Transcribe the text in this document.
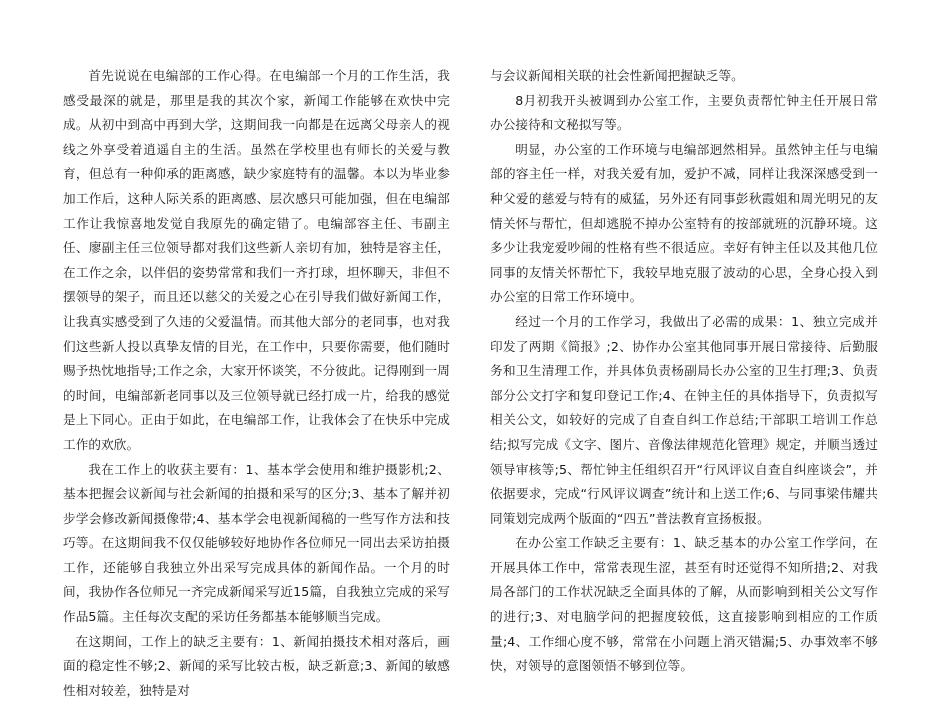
首先说说在电编部的工作心得。在电编部一个月的工作生活，我感受最深的就是，那里是我的其次个家，新闻工作能够在欢快中完成。从初中到高中再到大学，这期间我一向都是在远离父母亲人的视线之外享受着逍遥自主的生活。虽然在学校里也有师长的关爱与教育，但总有一种仰承的距离感，缺少家庭特有的温馨。本以为毕业参加工作后，这种人际关系的距离感、层次感只可能加强，但在电编部工作让我惊喜地发觉自我原先的确定错了。电编部容主任、韦副主任、廖副主任三位领导都对我们这些新人亲切有加，独特是容主任，在工作之余，以伴侣的姿势常常和我们一齐打球，坦怀聊天，非但不摆领导的架子，而且还以慈父的关爱之心在引导我们做好新闻工作，让我真实感受到了久违的父爱温情。而其他大部分的老同事，也对我们这些新人投以真挚友情的目光，在工作中，只要你需要，他们随时赐予热忱地指导;工作之余，大家开怀谈笑，不分彼此。记得刚到一周的时间，电编部新老同事以及三位领导就已经打成一片，给我的感觉是上下同心。正由于如此，在电编部工作，让我体会了在快乐中完成工作的欢欣。

我在工作上的收获主要有：1、基本学会使用和维护摄影机;2、基本把握会议新闻与社会新闻的拍摄和采写的区分;3、基本了解并初步学会修改新闻摄像带;4、基本学会电视新闻稿的一些写作方法和技巧等。在这期间我不仅仅能够较好地协作各位师兄一同出去采访拍摄工作，还能够自我独立外出采写完成具体的新闻作品。一个月的时间，我协作各位师兄一齐完成新闻采写近15篇，自我独立完成的采写作品5篇。主任每次支配的采访任务都基本能够顺当完成。

在这期间，工作上的缺乏主要有：1、新闻拍摄技术相对落后，画面的稳定性不够;2、新闻的采写比较古板，缺乏新意;3、新闻的敏感性相对较差，独特是对

与会议新闻相关联的社会性新闻把握缺乏等。

8月初我开头被调到办公室工作，主要负责帮忙钟主任开展日常办公接待和文秘拟写等。

明显，办公室的工作环境与电编部迥然相异。虽然钟主任与电编部的容主任一样，对我关爱有加，爱护不减，同样让我深深感受到一种父爱的慈爱与特有的威猛，另外还有同事彭秋霞姐和周光明兄的友情关怀与帮忙，但却逃脱不掉办公室特有的按部就班的沉静环境。这多少让我宠爱吵闹的性格有些不很适应。幸好有钟主任以及其他几位同事的友情关怀帮忙下，我较早地克服了波动的心思，全身心投入到办公室的日常工作环境中。

经过一个月的工作学习，我做出了必需的成果：1、独立完成并印发了两期《简报》;2、协作办公室其他同事开展日常接待、后勤服务和卫生清理工作，并具体负责杨副局长办公室的卫生打理;3、负责部分公文打字和复印登记工作;4、在钟主任的具体指导下，负责拟写相关公文，如较好的完成了自查自纠工作总结;干部职工培训工作总结;拟写完成《文字、图片、音像法律规范化管理》规定，并顺当透过领导审核等;5、帮忙钟主任组织召开“行风评议自查自纠座谈会”，并依据要求，完成“行风评议调查”统计和上送工作;6、与同事梁伟耀共同策划完成两个版面的“四五”普法教育宣扬板报。

在办公室工作缺乏主要有：1、缺乏基本的办公室工作学问，在开展具体工作中，常常表现生涩，甚至有时还觉得不知所措;2、对我局各部门的工作状况缺乏全面具体的了解，从而影响到相关公文写作的进行;3、对电脑学问的把握度较低，这直接影响到相应的工作质量;4、工作细心度不够，常常在小问题上消灭错漏;5、办事效率不够快，对领导的意图领悟不够到位等。
